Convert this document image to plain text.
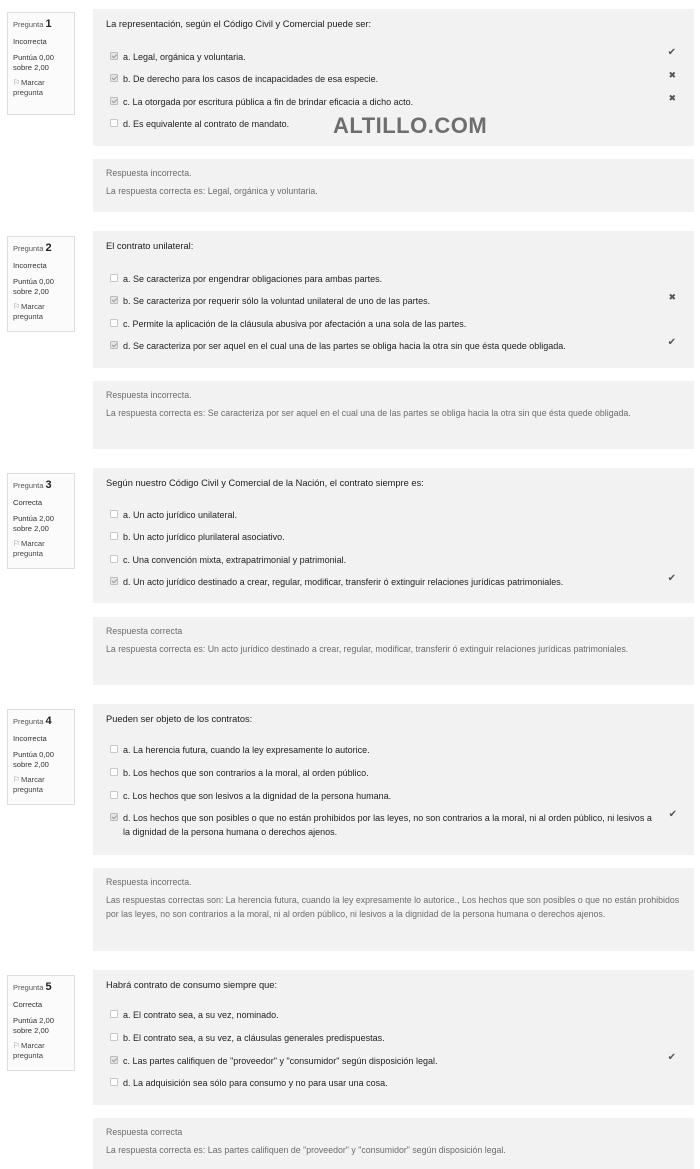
Pregunta 1
Incorrecta
Puntúa 0,00
sobre 2,00
⚐Marcar pregunta
La representación, según el Código Civil y Comercial puede ser:
a. Legal, orgánica y voluntaria.	✔
b. De derecho para los casos de incapacidades de esa especie.	✖
c. La otorgada por escritura pública a fin de brindar eficacia a dicho acto.	✖
d. Es equivalente al contrato de mandato.
Respuesta incorrecta.
La respuesta correcta es: Legal, orgánica y voluntaria.
ALTILLO.COM
Pregunta 2
Incorrecta
Puntúa 0,00
sobre 2,00
⚐Marcar pregunta
El contrato unilateral:
a. Se caracteriza por engendrar obligaciones para ambas partes.
b. Se caracteriza por requerir sólo la voluntad unilateral de uno de las partes.	✖
c. Permite la aplicación de la cláusula abusiva por afectación a una sola de las partes.
d. Se caracteriza por ser aquel en el cual una de las partes se obliga hacia la otra sin que ésta quede obligada.	✔
Respuesta incorrecta.
La respuesta correcta es: Se caracteriza por ser aquel en el cual una de las partes se obliga hacia la otra sin que ésta quede obligada.
Pregunta 3
Correcta
Puntúa 2,00
sobre 2,00
⚐Marcar pregunta
Según nuestro Código Civil y Comercial de la Nación, el contrato siempre es:
a. Un acto jurídico unilateral.
b. Un acto jurídico plurilateral asociativo.
c. Una convención mixta, extrapatrimonial y patrimonial.
d. Un acto jurídico destinado a crear, regular, modificar, transferir ó extinguir relaciones jurídicas patrimoniales.	✔
Respuesta correcta
La respuesta correcta es: Un acto jurídico destinado a crear, regular, modificar, transferir ó extinguir relaciones jurídicas patrimoniales.
Pregunta 4
Incorrecta
Puntúa 0,00
sobre 2,00
⚐Marcar pregunta
Pueden ser objeto de los contratos:
a. La herencia futura, cuando la ley expresamente lo autorice.
b. Los hechos que son contrarios a la moral, al orden público.
c. Los hechos que son lesivos a la dignidad de la persona humana.
d. Los hechos que son posibles o que no están prohibidos por las leyes, no son contrarios a la moral, ni al orden público, ni lesivos a la dignidad de la persona humana o derechos ajenos.
✔
Respuesta incorrecta.
Las respuestas correctas son: La herencia futura, cuando la ley expresamente lo autorice., Los hechos que son posibles o que no están prohibidos por las leyes, no son contrarios a la moral, ni al orden público, ni lesivos a la dignidad de la persona humana o derechos ajenos.
Pregunta 5
Correcta
Puntúa 2,00
sobre 2,00
⚐Marcar pregunta
Habrá contrato de consumo siempre que:
a. El contrato sea, a su vez, nominado.
b. El contrato sea, a su vez, a cláusulas generales predispuestas.
c. Las partes califiquen de "proveedor" y "consumidor" según disposición legal.	✔
d. La adquisición sea sólo para consumo y no para usar una cosa.
Respuesta correcta
La respuesta correcta es: Las partes califiquen de "proveedor" y "consumidor" según disposición legal.
